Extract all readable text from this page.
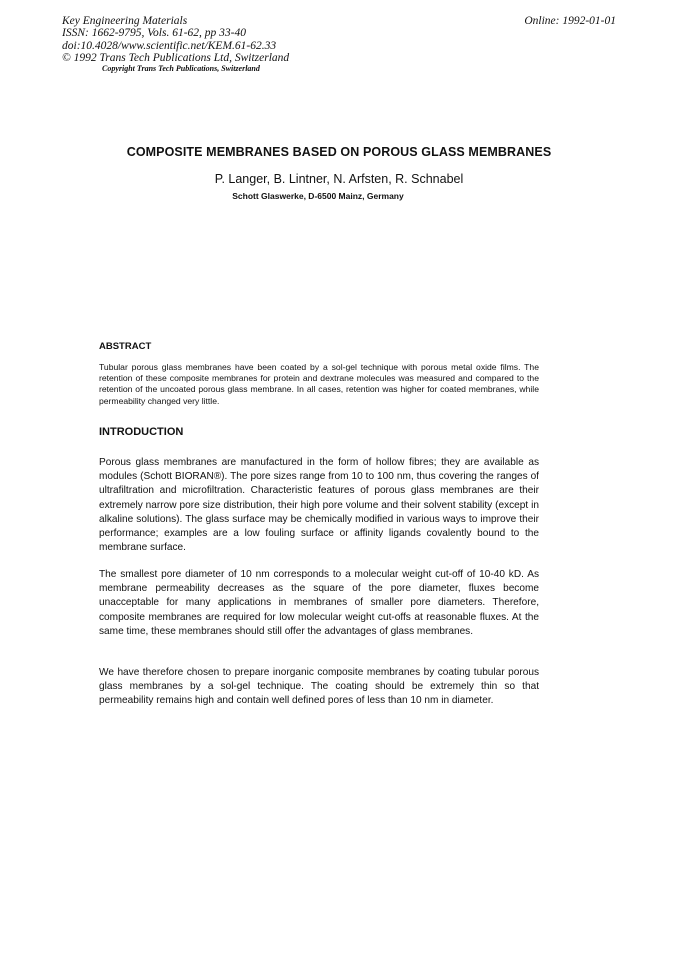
Key Engineering Materials
ISSN: 1662-9795, Vols. 61-62, pp 33-40
doi:10.4028/www.scientific.net/KEM.61-62.33
© 1992 Trans Tech Publications Ltd, Switzerland
Copyright Trans Tech Publications, Switzerland
Online: 1992-01-01
COMPOSITE MEMBRANES BASED ON POROUS GLASS MEMBRANES
P. Langer, B. Lintner, N. Arfsten, R. Schnabel
Schott Glaswerke, D-6500 Mainz, Germany
ABSTRACT
Tubular porous glass membranes have been coated by a sol-gel technique with porous metal oxide films. The retention of these composite membranes for protein and dextrane molecules was measured and compared to the retention of the uncoated porous glass membrane. In all cases, retention was higher for coated membranes, while permeability changed very little.
INTRODUCTION
Porous glass membranes are manufactured in the form of hollow fibres; they are available as modules (Schott BIORAN®). The pore sizes range from 10 to 100 nm, thus covering the ranges of ultrafiltration and microfiltration. Characteristic features of porous glass membranes are their extremely narrow pore size distribution, their high pore volume and their solvent stability (except in alkaline solutions). The glass surface may be chemically modified in various ways to improve their performance; examples are a low fouling surface or affinity ligands covalently bound to the membrane surface.
The smallest pore diameter of 10 nm corresponds to a molecular weight cut-off of 10-40 kD. As membrane permeability decreases as the square of the pore diameter, fluxes become unacceptable for many applications in membranes of smaller pore diameters. Therefore, composite membranes are required for low molecular weight cut-offs at reasonable fluxes. At the same time, these membranes should still offer the advantages of glass membranes.
We have therefore chosen to prepare inorganic composite membranes by coating tubular porous glass membranes by a sol-gel technique. The coating should be extremely thin so that permeability remains high and contain well defined pores of less than 10 nm in diameter.
